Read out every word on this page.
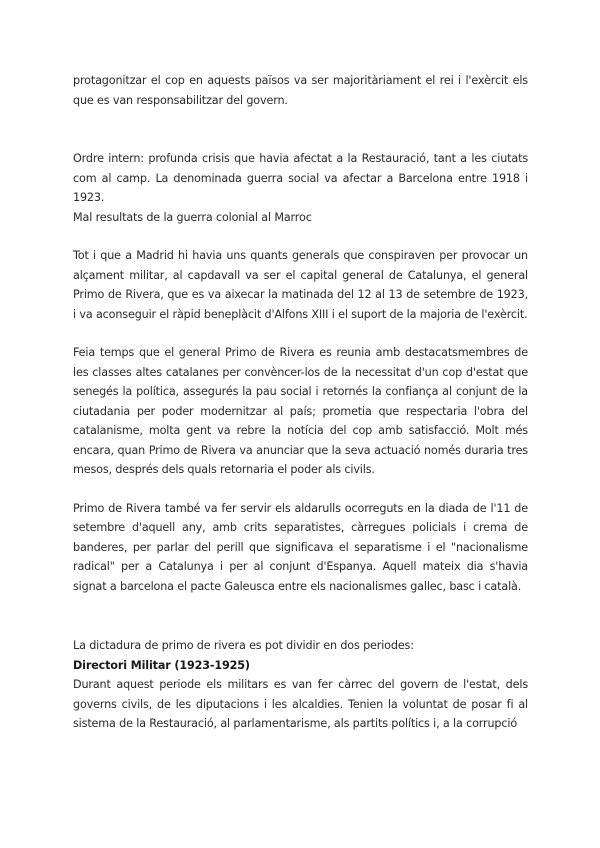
protagonitzar el cop en aquests països va ser majoritàriament el rei i l'exèrcit els que es van responsabilitzar del govern.

Ordre intern: profunda crisis que havia afectat a la Restauració, tant a les ciutats com al camp. La denominada guerra social va afectar a Barcelona entre 1918 i 1923.

Mal resultats de la guerra colonial al Marroc

Tot i que a Madrid hi havia uns quants generals que conspiraven per provocar un alçament militar, al capdavall va ser el capital general de Catalunya, el general Primo de Rivera, que es va aixecar la matinada del 12 al 13 de setembre de 1923, i va aconseguir el ràpid beneplàcit d'Alfons XIII i el suport de la majoria de l'exèrcit.

Feia temps que el general Primo de Rivera es reunia amb destacatsmembres de les classes altes catalanes per convèncer-los de la necessitat d'un cop d'estat que senegés la política, assegurés la pau social i retornés la confiança al conjunt de la ciutadania per poder modernitzar al país; prometia que respectaria l'obra del catalanisme, molta gent va rebre la notícia del cop amb satisfacció. Molt més encara, quan Primo de Rivera va anunciar que la seva actuació només duraria tres mesos, després dels quals retornaria el poder als civils.

Primo de Rivera també va fer servir els aldarulls ocorreguts en la diada de l'11 de setembre d'aquell any, amb crits separatistes, càrregues policials i crema de banderes, per parlar del perill que significava el separatisme i el "nacionalisme radical" per a Catalunya i per al conjunt d'Espanya. Aquell mateix dia s'havia signat a barcelona el pacte Galeusca entre els nacionalismes gallec, basc i català.

La dictadura de primo de rivera es pot dividir en dos periodes:

Directori Militar (1923-1925)

Durant aquest periode els militars es van fer càrrec del govern de l'estat, dels governs civils, de les diputacions i les alcaldies. Tenien la voluntat de posar fi al sistema de la Restauració, al parlamentarisme, als partits polítics i, a la corrupció
